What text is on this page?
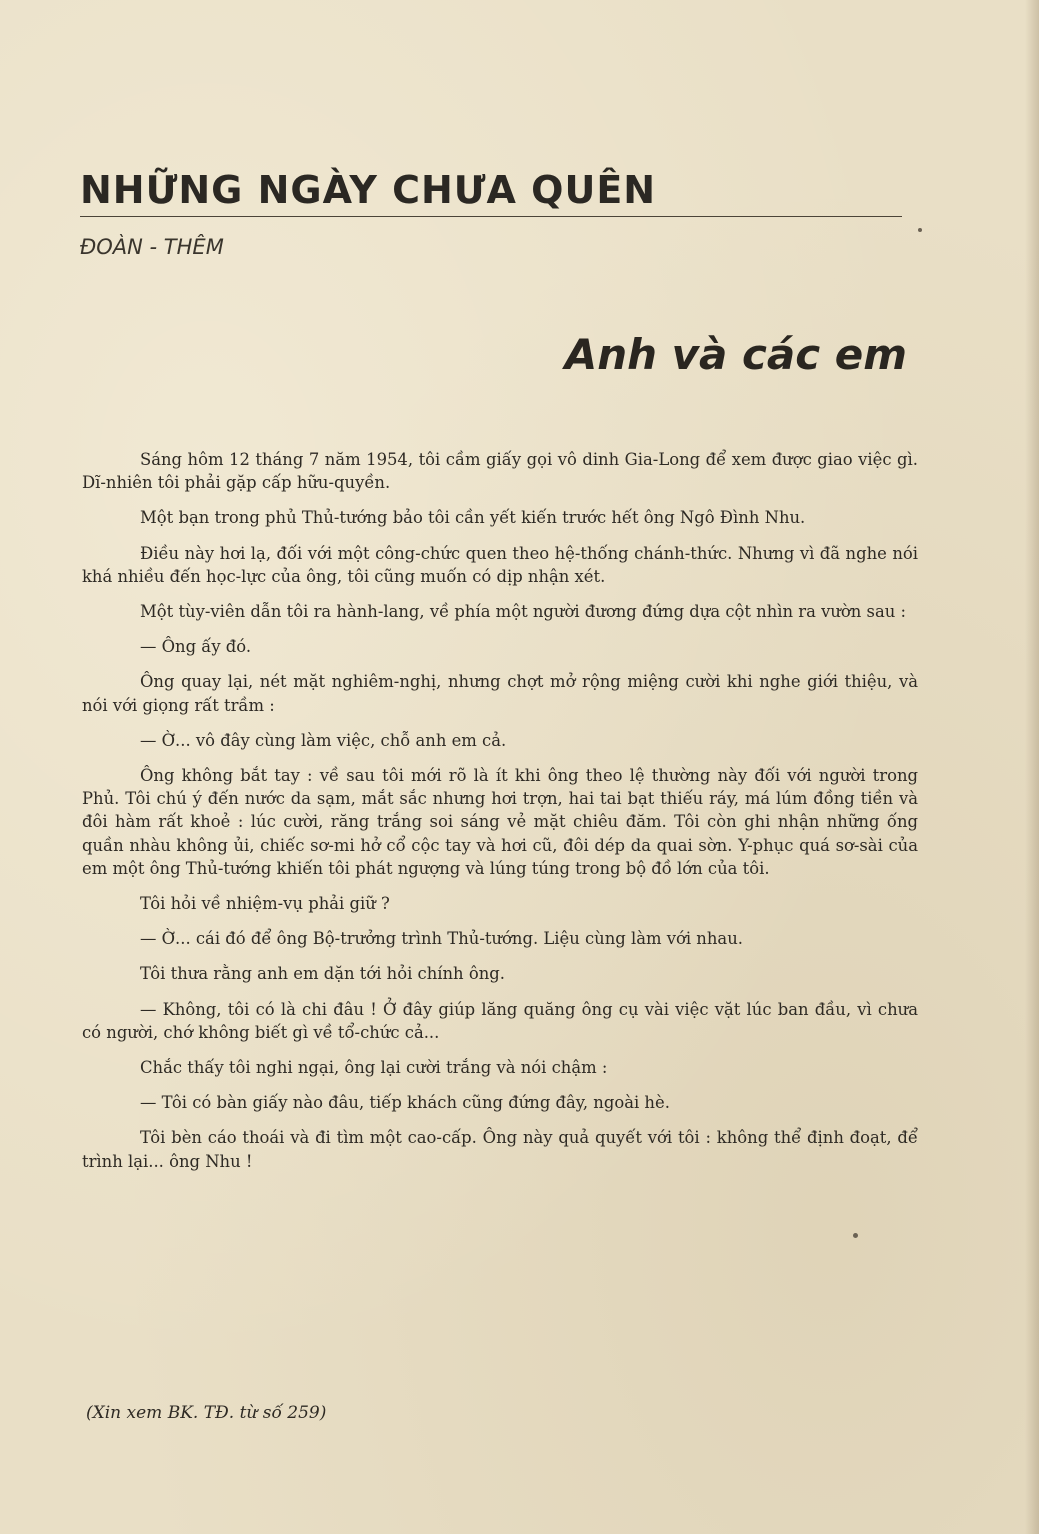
NHỮNG NGÀY CHƯA QUÊN
ĐOÀN - THÊM
Anh và các em

Sáng hôm 12 tháng 7 năm 1954, tôi cầm giấy gọi vô dinh Gia-Long để xem được giao việc gì. Dĩ-nhiên tôi phải gặp cấp hữu-quyền.

Một bạn trong phủ Thủ-tướng bảo tôi cần yết kiến trước hết ông Ngô Đình Nhu.

Điều này hơi lạ, đối với một công-chức quen theo hệ-thống chánh-thức. Nhưng vì đã nghe nói khá nhiều đến học-lực của ông, tôi cũng muốn có dịp nhận xét.

Một tùy-viên dẫn tôi ra hành-lang, về phía một người đương đứng dựa cột nhìn ra vườn sau :

— Ông ấy đó.

Ông quay lại, nét mặt nghiêm-nghị, nhưng chợt mở rộng miệng cười khi nghe giới thiệu, và nói với giọng rất trầm :

— Ờ... vô đây cùng làm việc, chỗ anh em cả.

Ông không bắt tay : về sau tôi mới rõ là ít khi ông theo lệ thường này đối với người trong Phủ. Tôi chú ý đến nước da sạm, mắt sắc nhưng hơi trợn, hai tai bạt thiếu ráy, má lúm đồng tiền và đôi hàm rất khoẻ : lúc cười, răng trắng soi sáng vẻ mặt chiêu đăm. Tôi còn ghi nhận những ống quần nhàu không ủi, chiếc sơ-mi hở cổ cộc tay và hơi cũ, đôi dép da quai sờn. Y-phục quá sơ-sài của em một ông Thủ-tướng khiến tôi phát ngượng và lúng túng trong bộ đồ lớn của tôi.

Tôi hỏi về nhiệm-vụ phải giữ ?

— Ờ... cái đó để ông Bộ-trưởng trình Thủ-tướng. Liệu cùng làm với nhau.

Tôi thưa rằng anh em dặn tới hỏi chính ông.

— Không, tôi có là chi đâu ! Ở đây giúp lăng quăng ông cụ vài việc vặt lúc ban đầu, vì chưa có người, chớ không biết gì về tổ-chức cả...

Chắc thấy tôi nghi ngại, ông lại cười trắng và nói chậm :

— Tôi có bàn giấy nào đâu, tiếp khách cũng đứng đây, ngoài hè.

Tôi bèn cáo thoái và đi tìm một cao-cấp. Ông này quả quyết với tôi : không thể định đoạt, để trình lại... ông Nhu !

(Xin xem BK. TĐ. từ số 259)
